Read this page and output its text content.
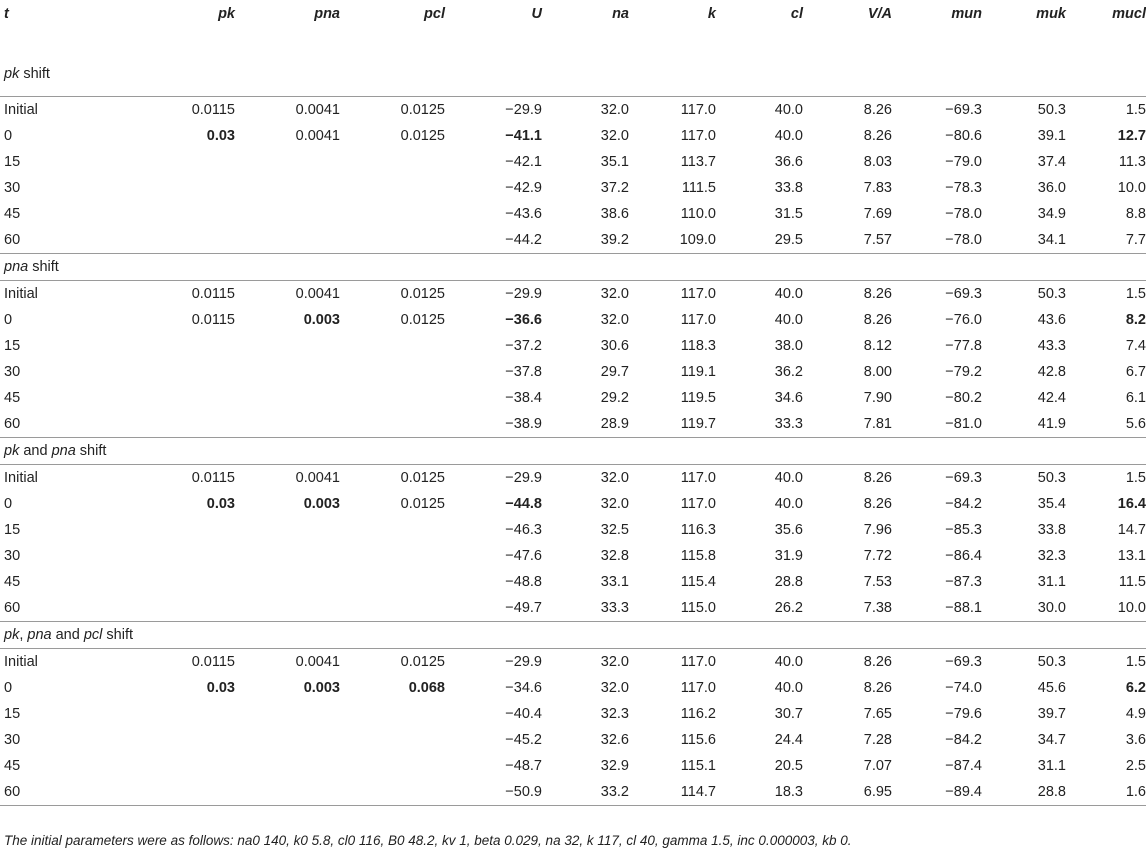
t	pk	pna	pcl	U	na	k	cl	V/A	mun	muk	mucl
pk shift											
Initial	0.0115	0.0041	0.0125	−29.9	32.0	117.0	40.0	8.26	−69.3	50.3	1.5
0	0.03	0.0041	0.0125	−41.1	32.0	117.0	40.0	8.26	−80.6	39.1	12.7
15				−42.1	35.1	113.7	36.6	8.03	−79.0	37.4	11.3
30				−42.9	37.2	111.5	33.8	7.83	−78.3	36.0	10.0
45				−43.6	38.6	110.0	31.5	7.69	−78.0	34.9	8.8
60				−44.2	39.2	109.0	29.5	7.57	−78.0	34.1	7.7
pna shift											
Initial	0.0115	0.0041	0.0125	−29.9	32.0	117.0	40.0	8.26	−69.3	50.3	1.5
0	0.0115	0.003	0.0125	−36.6	32.0	117.0	40.0	8.26	−76.0	43.6	8.2
15				−37.2	30.6	118.3	38.0	8.12	−77.8	43.3	7.4
30				−37.8	29.7	119.1	36.2	8.00	−79.2	42.8	6.7
45				−38.4	29.2	119.5	34.6	7.90	−80.2	42.4	6.1
60				−38.9	28.9	119.7	33.3	7.81	−81.0	41.9	5.6
pk and pna shift											
Initial	0.0115	0.0041	0.0125	−29.9	32.0	117.0	40.0	8.26	−69.3	50.3	1.5
0	0.03	0.003	0.0125	−44.8	32.0	117.0	40.0	8.26	−84.2	35.4	16.4
15				−46.3	32.5	116.3	35.6	7.96	−85.3	33.8	14.7
30				−47.6	32.8	115.8	31.9	7.72	−86.4	32.3	13.1
45				−48.8	33.1	115.4	28.8	7.53	−87.3	31.1	11.5
60				−49.7	33.3	115.0	26.2	7.38	−88.1	30.0	10.0
pk, pna and pcl shift											
Initial	0.0115	0.0041	0.0125	−29.9	32.0	117.0	40.0	8.26	−69.3	50.3	1.5
0	0.03	0.003	0.068	−34.6	32.0	117.0	40.0	8.26	−74.0	45.6	6.2
15				−40.4	32.3	116.2	30.7	7.65	−79.6	39.7	4.9
30				−45.2	32.6	115.6	24.4	7.28	−84.2	34.7	3.6
45				−48.7	32.9	115.1	20.5	7.07	−87.4	31.1	2.5
60				−50.9	33.2	114.7	18.3	6.95	−89.4	28.8	1.6
The initial parameters were as follows: na0 140, k0 5.8, cl0 116, B0 48.2, kv 1, beta 0.029, na 32, k 117, cl 40, gamma 1.5, inc 0.000003, kb 0.
